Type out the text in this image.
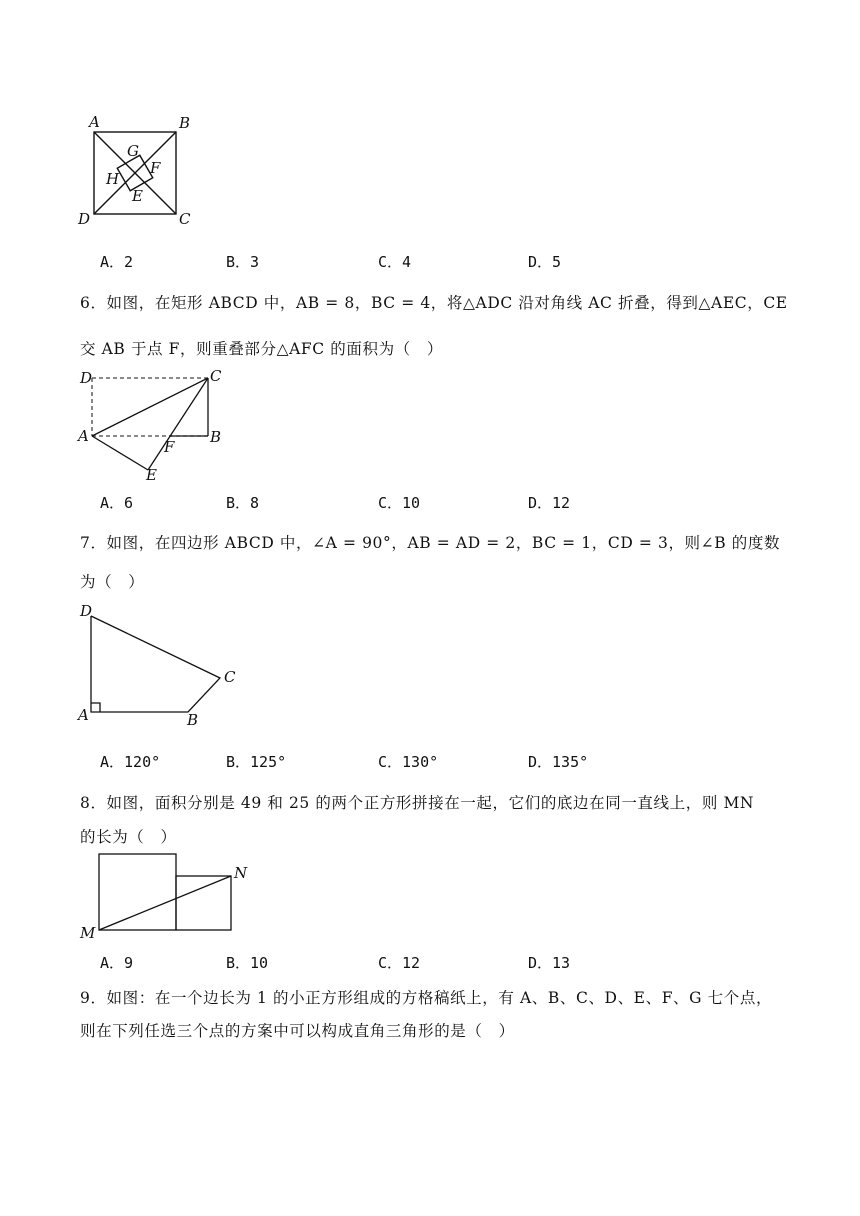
A	B
C
D
E
F
G
H
A．2	B．3	C．4	D．5
6．如图，在矩形 ABCD 中，AB = 8，BC = 4，将△ADC 沿对角线 AC 折叠，得到△AEC，CE
交 AB 于点 F，则重叠部分△AFC 的面积为（　）
D	C
A	B
F
E
A．6	B．8	C．10	D．12
7．如图，在四边形 ABCD 中，∠A = 90°，AB = AD = 2，BC = 1，CD = 3，则∠B 的度数
为（　）
D
C
A	B
A．120°	B．125°	C．130°	D．135°
8．如图，面积分别是 49 和 25 的两个正方形拼接在一起，它们的底边在同一直线上，则 MN
的长为（　）
M
N
A．9	B．10	C．12	D．13
9．如图：在一个边长为 1 的小正方形组成的方格稿纸上，有 A、B、C、D、E、F、G 七个点，
则在下列任选三个点的方案中可以构成直角三角形的是（　）
